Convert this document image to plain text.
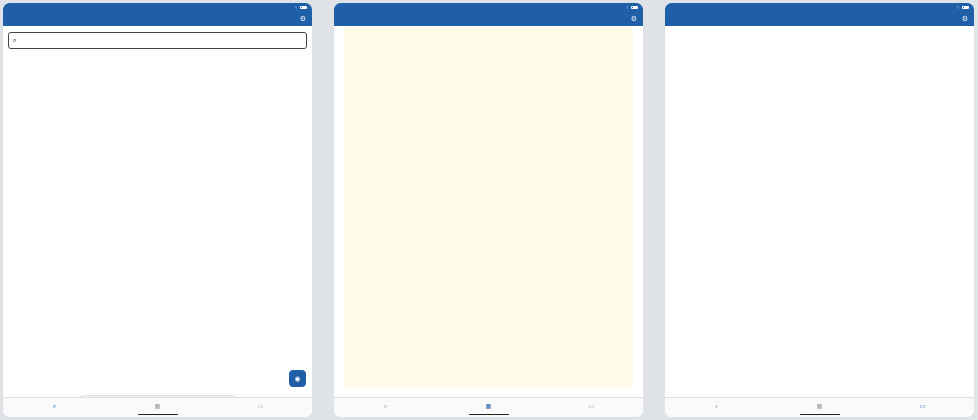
⌔
⚙
⌕
◉
⌕	▦	▭
⌔
⚙
⌕	▦	▭
⌔
⚙

⌕	▦	▭
